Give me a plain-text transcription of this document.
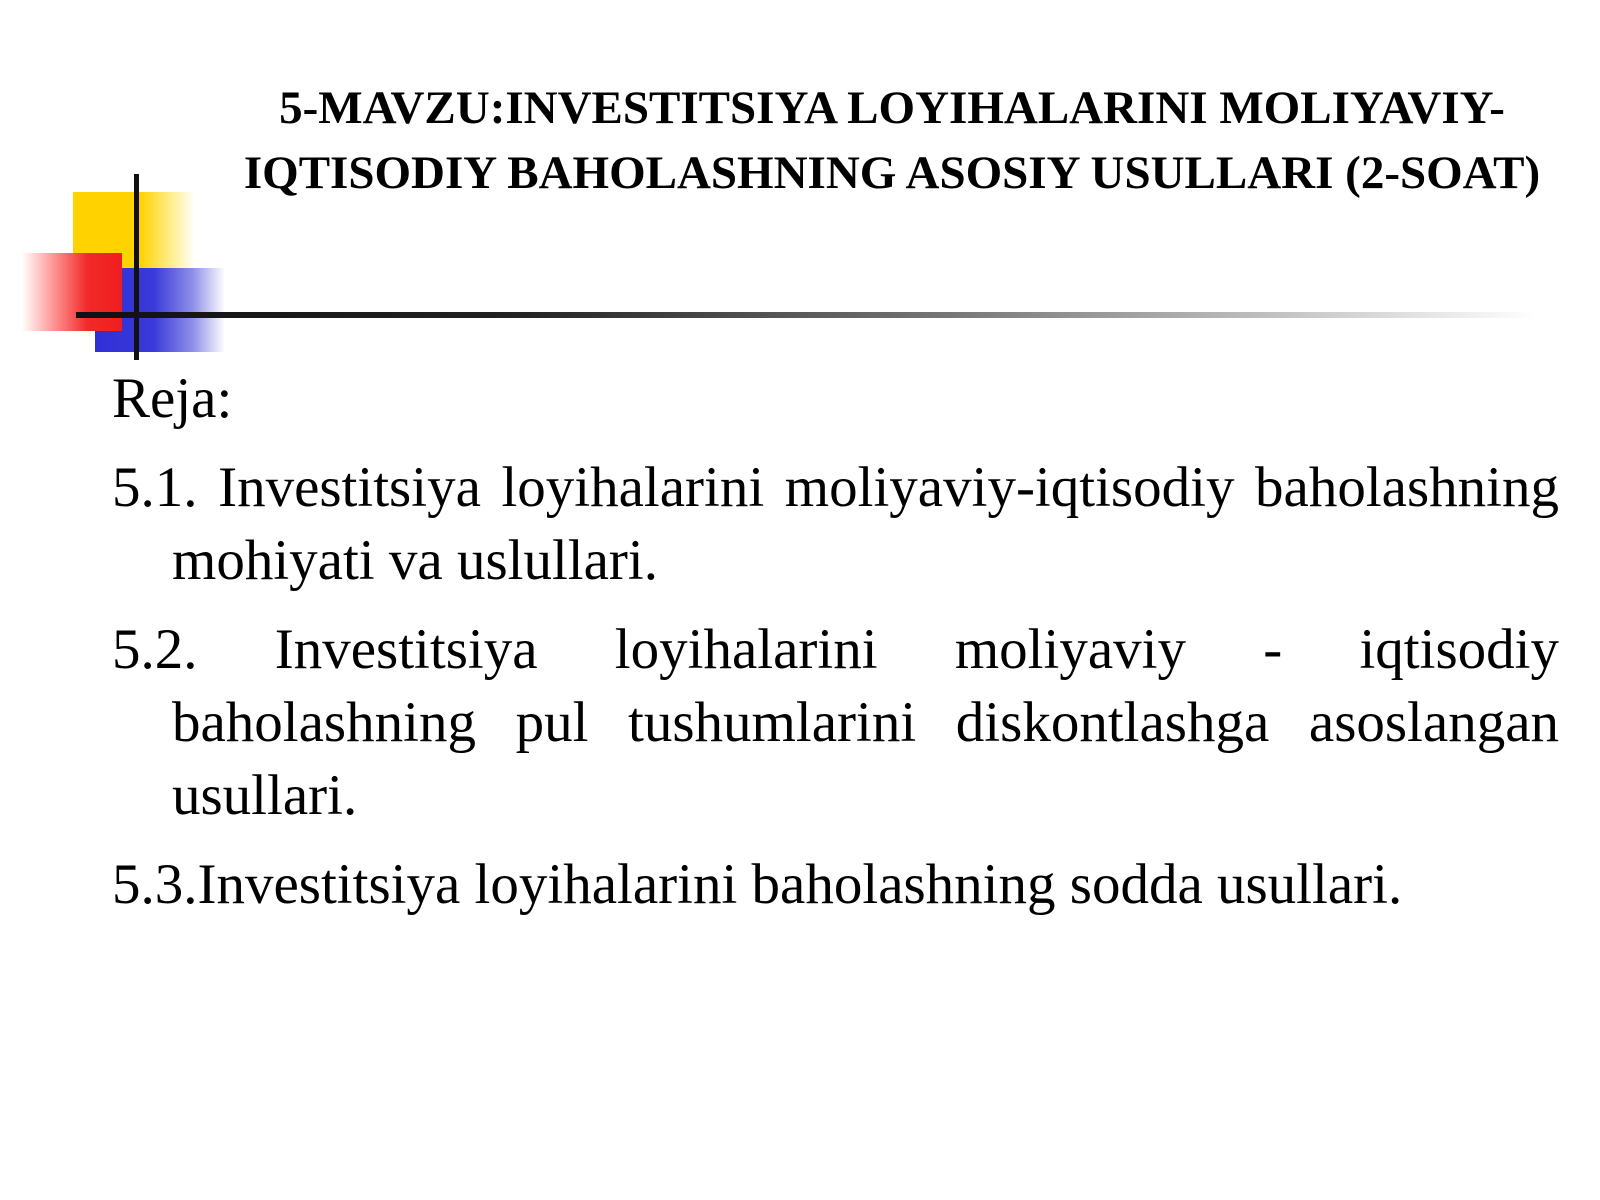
5-MAVZU:INVESTITSIYA LOYIHALARINI MOLIYAVIY- IQTISODIY BAHOLASHNING ASOSIY USULLARI (2-SOAT)

Reja:

5.1. Investitsiya loyihalarini moliyaviy-iqtisodiy baholashning mohiyati va uslullari.

5.2. Investitsiya loyihalarini moliyaviy - iqtisodiy baholashning pul tushumlarini diskontlashga asoslangan usullari.

5.3.Investitsiya loyihalarini baholashning sodda usullari.
